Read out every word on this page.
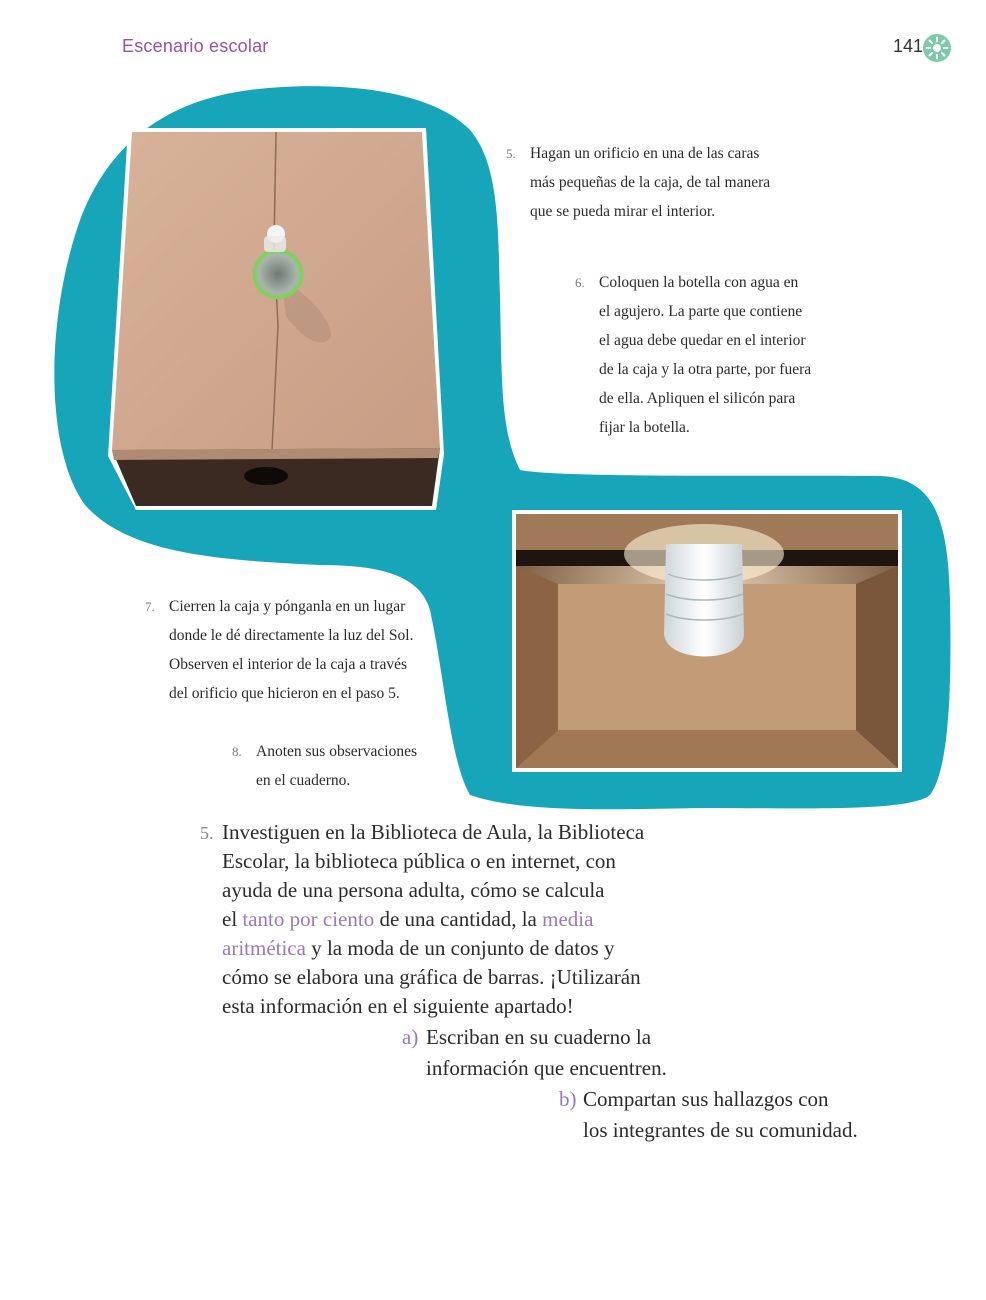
Escenario escolar	141
5. Hagan un orificio en una de las caras

más pequeñas de la caja, de tal manera

que se pueda mirar el interior.

6. Coloquen la botella con agua en

el agujero. La parte que contiene

el agua debe quedar en el interior

de la caja y la otra parte, por fuera

de ella. Apliquen el silicón para

fijar la botella.

7. Cierren la caja y pónganla en un lugar

donde le dé directamente la luz del Sol.

Observen el interior de la caja a través

del orificio que hicieron en el paso 5.

8. Anoten sus observaciones

en el cuaderno.

5. Investiguen en la Biblioteca de Aula, la Biblioteca

Escolar, la biblioteca pública o en internet, con

ayuda de una persona adulta, cómo se calcula

el tanto por ciento de una cantidad, la media

aritmética y la moda de un conjunto de datos y

cómo se elabora una gráfica de barras. ¡Utilizarán

esta información en el siguiente apartado!

a) Escriban en su cuaderno la

información que encuentren.

b) Compartan sus hallazgos con

los integrantes de su comunidad.
